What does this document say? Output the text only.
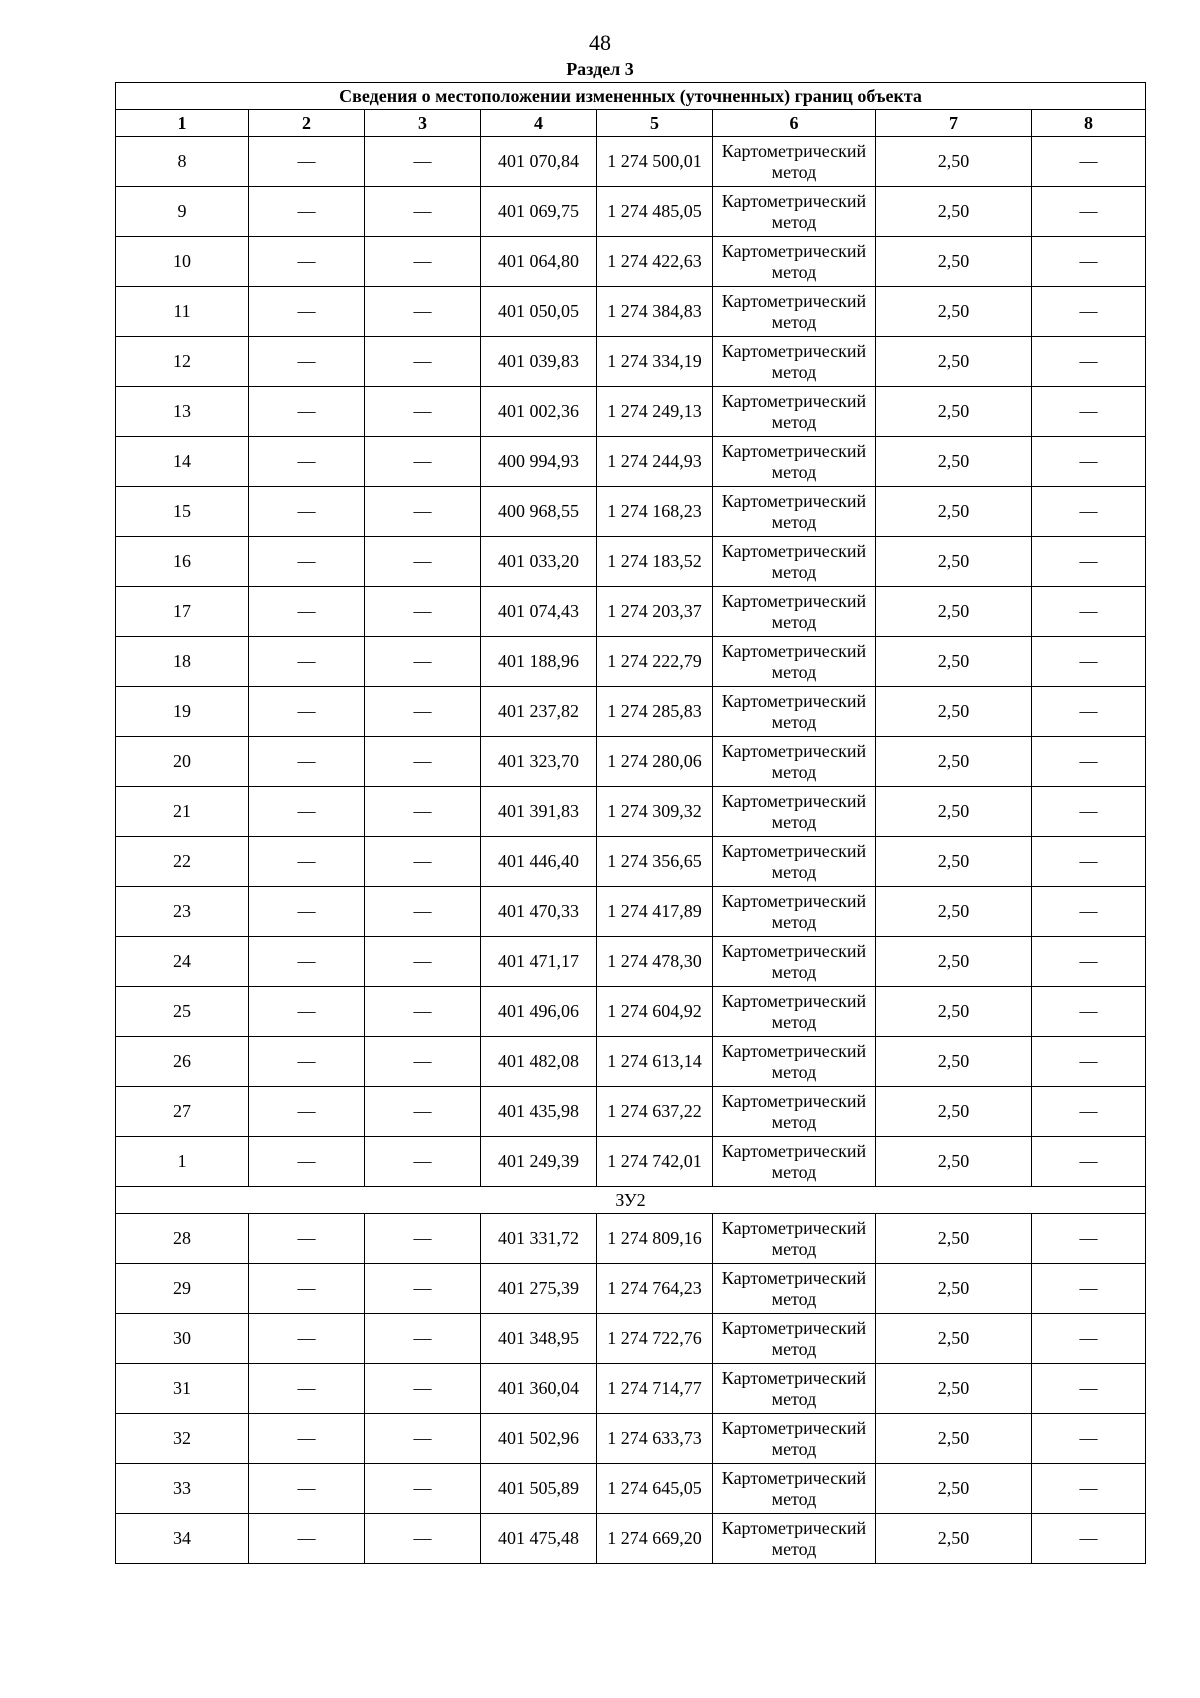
48
Раздел 3
Сведения о местоположении измененных (уточненных) границ объекта							
1	2	3	4	5	6	7	8
8	—	—	401 070,84	1 274 500,01	Картометрический метод	2,50	—
9	—	—	401 069,75	1 274 485,05	Картометрический метод	2,50	—
10	—	—	401 064,80	1 274 422,63	Картометрический метод	2,50	—
11	—	—	401 050,05	1 274 384,83	Картометрический метод	2,50	—
12	—	—	401 039,83	1 274 334,19	Картометрический метод	2,50	—
13	—	—	401 002,36	1 274 249,13	Картометрический метод	2,50	—
14	—	—	400 994,93	1 274 244,93	Картометрический метод	2,50	—
15	—	—	400 968,55	1 274 168,23	Картометрический метод	2,50	—
16	—	—	401 033,20	1 274 183,52	Картометрический метод	2,50	—
17	—	—	401 074,43	1 274 203,37	Картометрический метод	2,50	—
18	—	—	401 188,96	1 274 222,79	Картометрический метод	2,50	—
19	—	—	401 237,82	1 274 285,83	Картометрический метод	2,50	—
20	—	—	401 323,70	1 274 280,06	Картометрический метод	2,50	—
21	—	—	401 391,83	1 274 309,32	Картометрический метод	2,50	—
22	—	—	401 446,40	1 274 356,65	Картометрический метод	2,50	—
23	—	—	401 470,33	1 274 417,89	Картометрический метод	2,50	—
24	—	—	401 471,17	1 274 478,30	Картометрический метод	2,50	—
25	—	—	401 496,06	1 274 604,92	Картометрический метод	2,50	—
26	—	—	401 482,08	1 274 613,14	Картометрический метод	2,50	—
27	—	—	401 435,98	1 274 637,22	Картометрический метод	2,50	—
1	—	—	401 249,39	1 274 742,01	Картометрический метод	2,50	—
ЗУ2							
28	—	—	401 331,72	1 274 809,16	Картометрический метод	2,50	—
29	—	—	401 275,39	1 274 764,23	Картометрический метод	2,50	—
30	—	—	401 348,95	1 274 722,76	Картометрический метод	2,50	—
31	—	—	401 360,04	1 274 714,77	Картометрический метод	2,50	—
32	—	—	401 502,96	1 274 633,73	Картометрический метод	2,50	—
33	—	—	401 505,89	1 274 645,05	Картометрический метод	2,50	—
34	—	—	401 475,48	1 274 669,20	Картометрический метод	2,50	—
